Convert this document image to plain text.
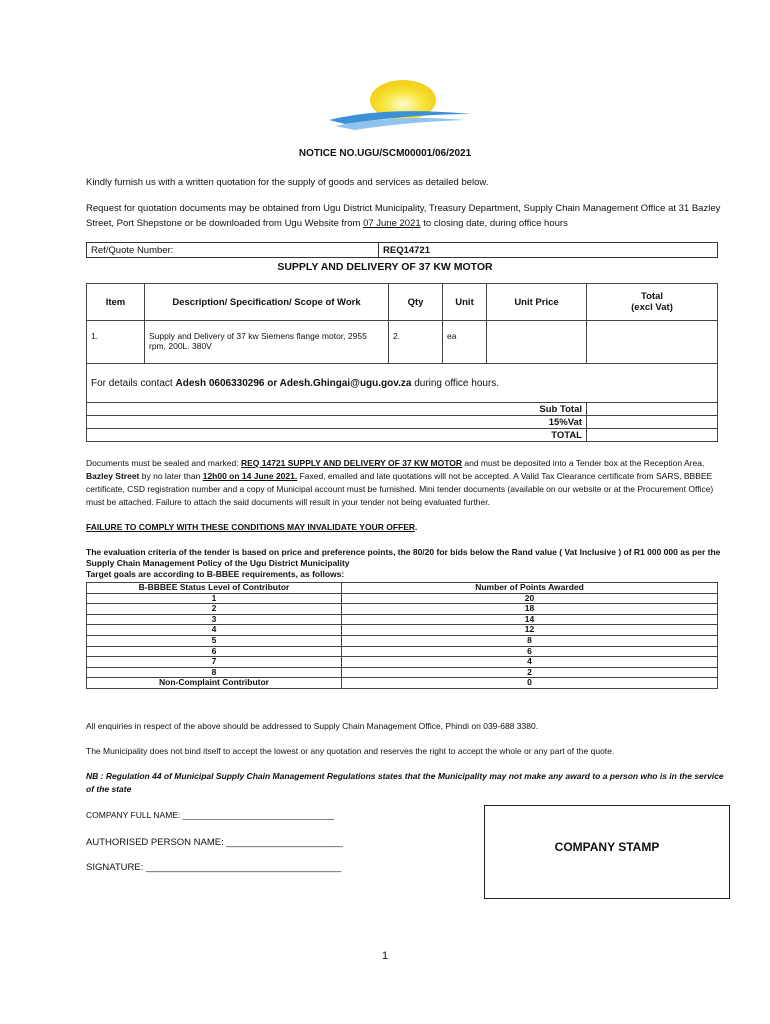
NOTICE NO.UGU/SCM00001/06/2021
Kindly furnish us with a written quotation for the supply of goods and services as detailed below.
Request for quotation documents may be obtained from Ugu District Municipality, Treasury Department, Supply Chain Management Office at 31 Bazley Street, Port Shepstone or be downloaded from Ugu Website from 07 June 2021 to closing date, during office hours
Ref/Quote Number:	REQ14721
SUPPLY AND DELIVERY OF 37 KW MOTOR
Item	Description/ Specification/ Scope of Work	Qty	Unit	Unit Price	Total
(excl Vat)

1.	Supply and Delivery of 37 kw Siemens flange motor, 2955 rpm, 200L. 380V	2.	ea		
For details contact Adesh 0606330296 or Adesh.Ghingai@ugu.gov.za during office hours.					
Sub Total					
15%Vat					
TOTAL					
Documents must be sealed and marked: REQ 14721 SUPPLY AND DELIVERY OF 37 KW MOTOR and must be deposited into a Tender box at the Reception Area, Bazley Street by no later than 12h00 on 14 June 2021. Faxed, emailed and late quotations will not be accepted. A Valid Tax Clearance certificate from SARS, BBBEE certificate, CSD registration number and a copy of Municipal account must be furnished. Mini tender documents (available on our website or at the Procurement Office) must be attached. Failure to attach the said documents will result in your tender not being evaluated further.
FAILURE TO COMPLY WITH THESE CONDITIONS MAY INVALIDATE YOUR OFFER.
The evaluation criteria of the tender is based on price and preference points, the 80/20 for bids below the Rand value ( Vat Inclusive ) of R1 000 000 as per the Supply Chain Management Policy of the Ugu District Municipality
Target goals are according to B-BBEE requirements, as follows:
B-BBBEE Status Level of Contributor	Number of Points Awarded
1	20
2	18
3	14
4	12
5	8
6	6
7	4
8	2
Non-Complaint Contributor	0
All enquiries in respect of the above should be addressed to Supply Chain Management Office, Phindi on 039-688 3380.
The Municipality does not bind itself to accept the lowest or any quotation and reserves the right to accept the whole or any part of the quote.
NB : Regulation 44 of Municipal Supply Chain Management Regulations states that the Municipality may not make any award to a person who is in the service of the state
COMPANY FULL NAME: ________________________________
AUTHORISED PERSON NAME: ______________________
SIGNATURE: _____________________________________
COMPANY STAMP
1
